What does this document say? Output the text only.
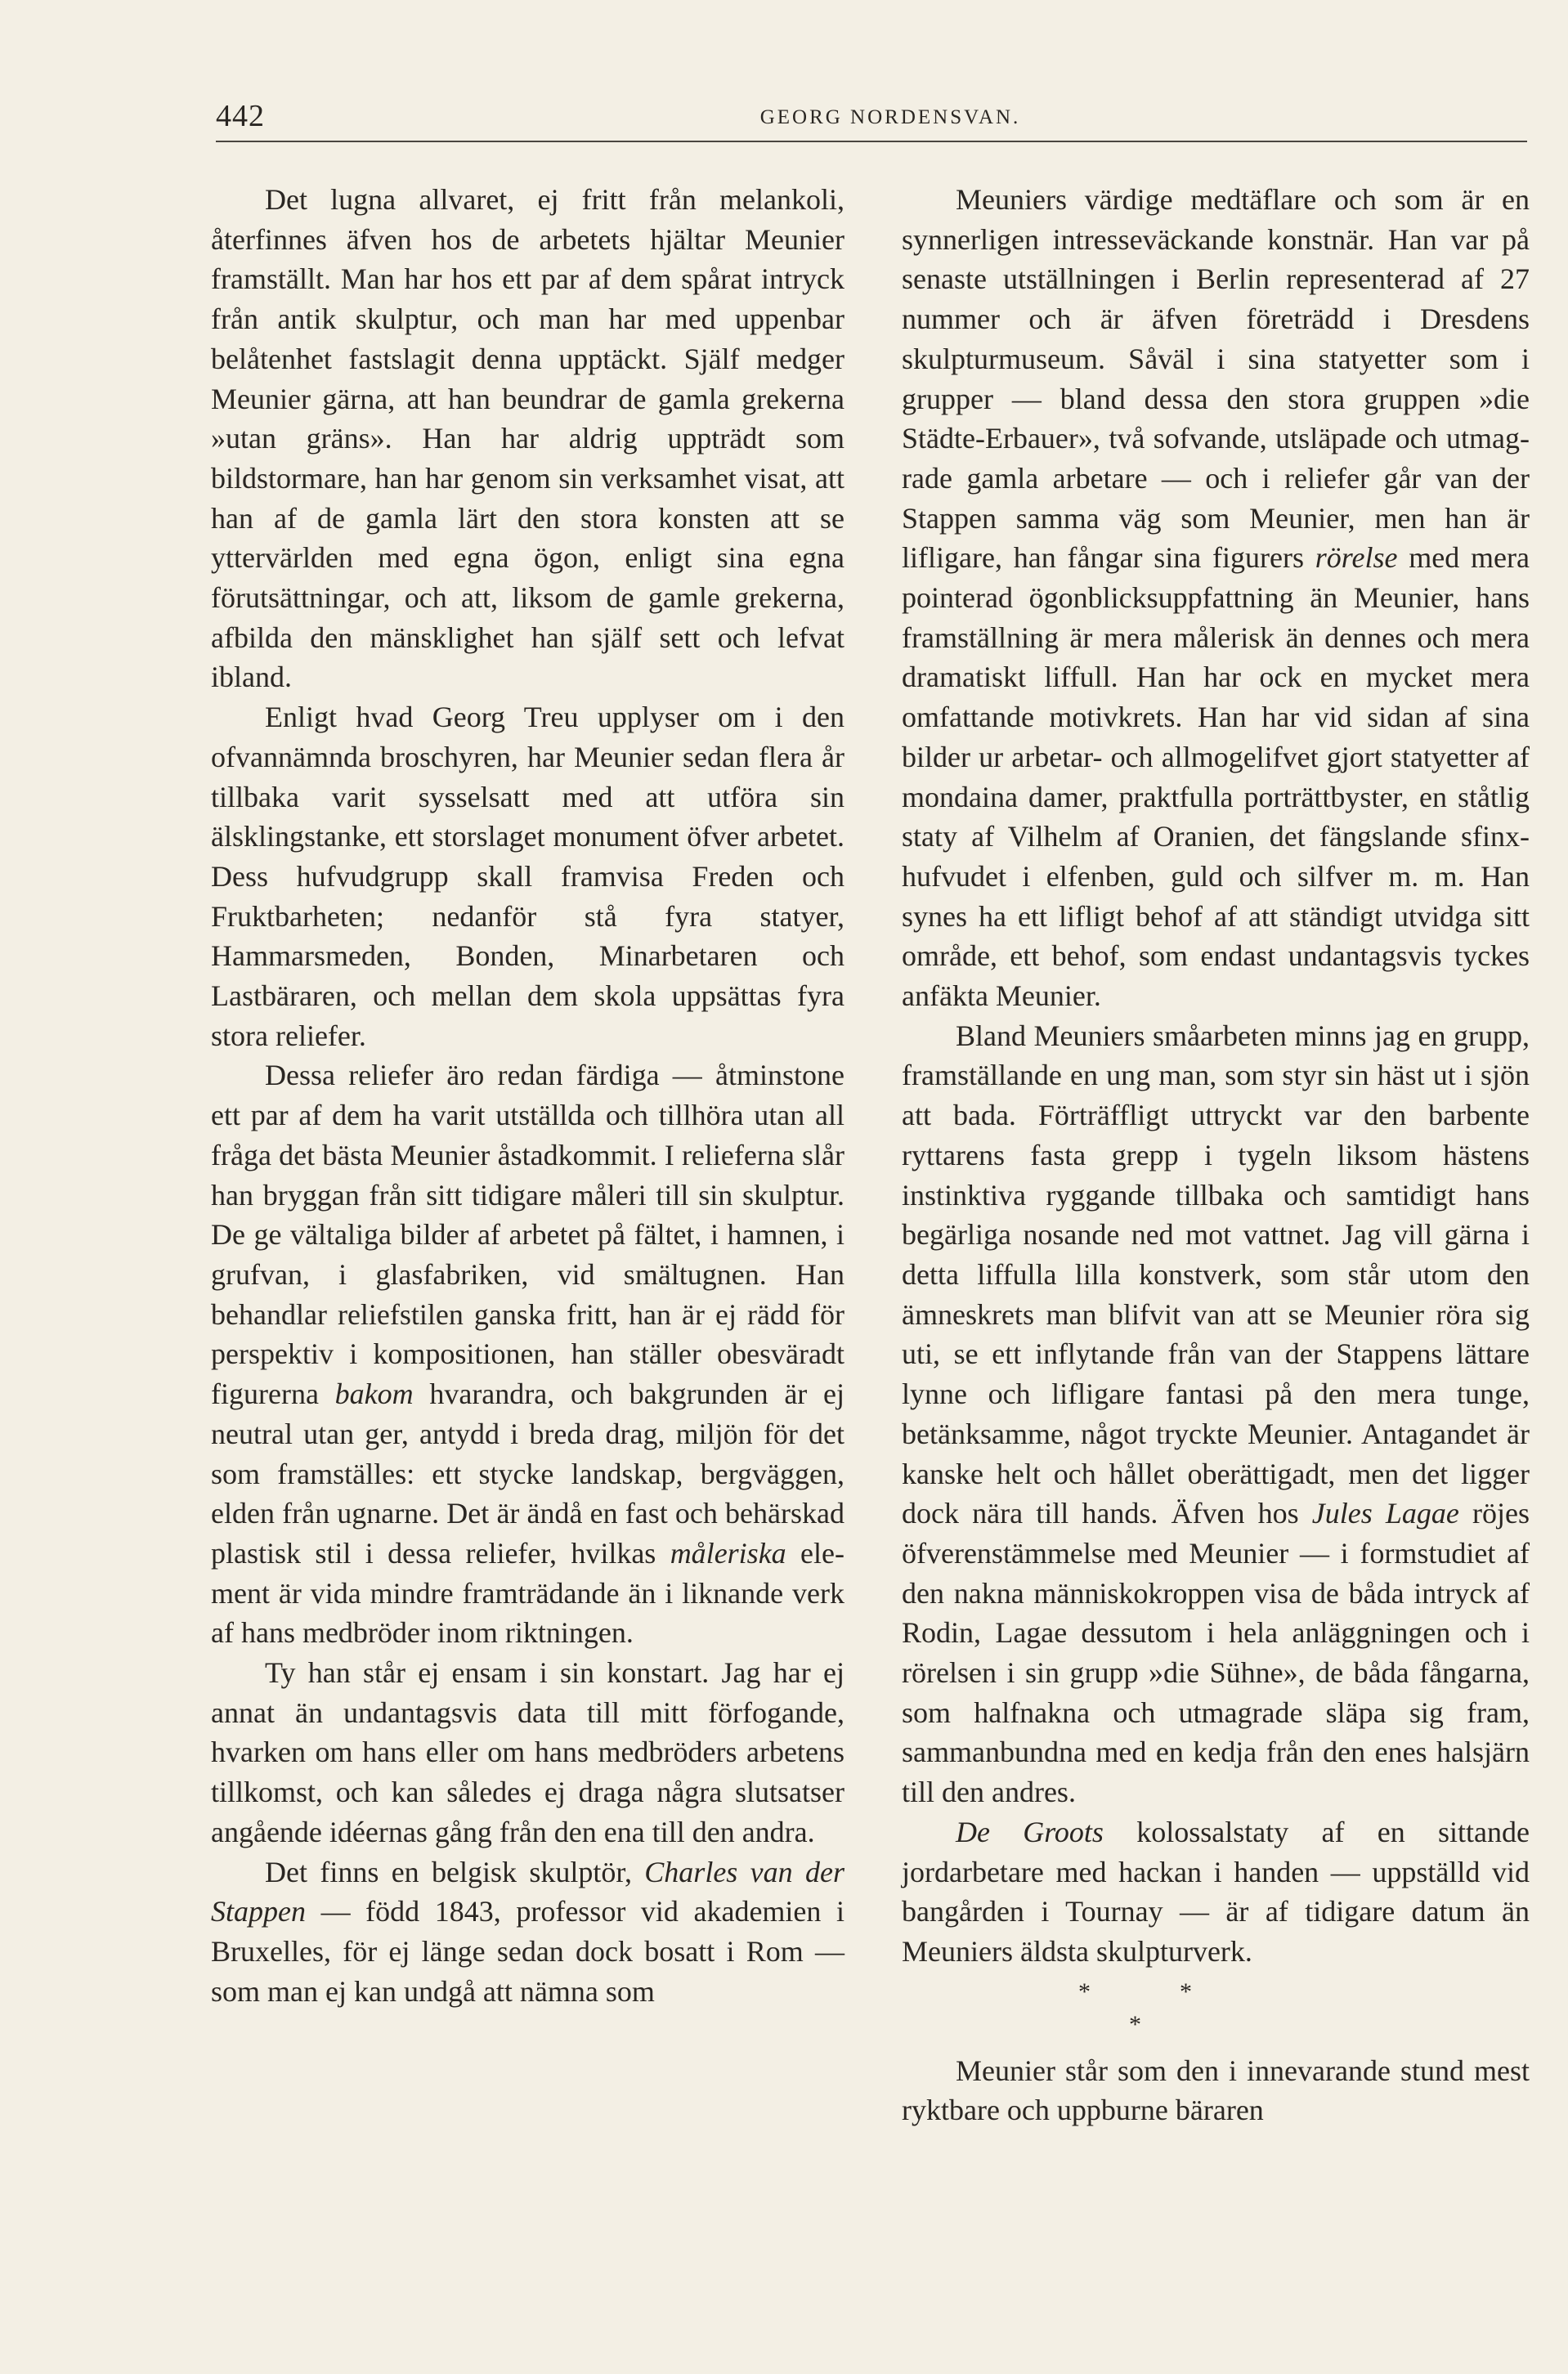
442	GEORG NORDENSVAN.

Det lugna allvaret, ej fritt från melankoli, återfinnes äfven hos de arbetets hjältar Meunier framställt. Man har hos ett par af dem spårat intryck från antik skulptur, och man har med uppenbar belåtenhet fastslagit denna upptäckt. Själf medger Meunier gärna, att han beundrar de gamla grekerna »utan gräns». Han har aldrig uppträdt som bildstormare, han har genom sin verksamhet visat, att han af de gamla lärt den stora konsten att se yttervärlden med egna ögon, enligt sina egna förutsättningar, och att, liksom de gamle grekerna, afbilda den mänsklighet han själf sett och lefvat ibland.

Enligt hvad Georg Treu upplyser om i den ofvannämnda broschyren, har Meunier sedan flera år tillbaka varit sysselsatt med att utföra sin älsklingstanke, ett storslaget monument öfver arbetet. Dess hufvudgrupp skall framvisa Freden och Fruktbarheten; nedanför stå fyra statyer, Hammarsmeden, Bonden, Minarbetaren och Lastbäraren, och mellan dem skola uppsättas fyra stora reliefer.

Dessa reliefer äro redan färdiga — åtminstone ett par af dem ha varit utställda och tillhöra utan all fråga det bästa Meunier åstadkommit. I relieferna slår han bryggan från sitt tidigare måleri till sin skulptur. De ge vältaliga bilder af arbetet på fältet, i hamnen, i grufvan, i glasfabriken, vid smältugnen. Han behandlar reliefstilen ganska fritt, han är ej rädd för perspektiv i kompositionen, han ställer obesväradt figurerna bakom hvarandra, och bakgrunden är ej neutral utan ger, antydd i breda drag, miljön för det som framställes: ett stycke landskap, bergväggen, elden från ugnarne. Det är ändå en fast och behärskad plastisk stil i dessa reliefer, hvilkas måleriska element är vida mindre framträdande än i liknande verk af hans medbröder inom riktningen.

Ty han står ej ensam i sin konstart. Jag har ej annat än undantagsvis data till mitt förfogande, hvarken om hans eller om hans medbröders arbetens tillkomst, och kan således ej draga några slutsatser angående idéernas gång från den ena till den andra.

Det finns en belgisk skulptör, Charles van der Stappen — född 1843, professor vid akademien i Bruxelles, för ej länge sedan dock bosatt i Rom — som man ej kan undgå att nämna som

Meuniers värdige medtäflare och som är en synnerligen intresseväckande konstnär. Han var på senaste utställningen i Berlin representerad af 27 nummer och är äfven företrädd i Dresdens skulpturmuseum. Såväl i sina statyetter som i grupper — bland dessa den stora gruppen »die Städte-Erbauer», två sofvande, utsläpade och utmagrade gamla arbetare — och i reliefer går van der Stappen samma väg som Meunier, men han är lifligare, han fångar sina figurers rörelse med mera pointerad ögonblicksuppfattning än Meunier, hans framställning är mera målerisk än dennes och mera dramatiskt liffull. Han har ock en mycket mera omfattande motivkrets. Han har vid sidan af sina bilder ur arbetar- och allmogelifvet gjort statyetter af mondaina damer, praktfulla porträttbyster, en ståtlig staty af Vilhelm af Oranien, det fängslande sfinxhufvudet i elfenben, guld och silfver m. m. Han synes ha ett lifligt behof af att ständigt utvidga sitt område, ett behof, som endast undantagsvis tyckes anfäkta Meunier.

Bland Meuniers småarbeten minns jag en grupp, framställande en ung man, som styr sin häst ut i sjön att bada. Förträffligt uttryckt var den barbente ryttarens fasta grepp i tygeln liksom hästens instinktiva ryggande tillbaka och samtidigt hans begärliga nosande ned mot vattnet. Jag vill gärna i detta liffulla lilla konstverk, som står utom den ämneskrets man blifvit van att se Meunier röra sig uti, se ett inflytande från van der Stappens lättare lynne och lifligare fantasi på den mera tunge, betänksamme, något tryckte Meunier. Antagandet är kanske helt och hållet oberättigadt, men det ligger dock nära till hands. Äfven hos Jules Lagae röjes öfverenstämmelse med Meunier — i formstudiet af den nakna människokroppen visa de båda intryck af Rodin, Lagae dessutom i hela anläggningen och i rörelsen i sin grupp »die Sühne», de båda fångarna, som halfnakna och utmagrade släpa sig fram, sammanbundna med en kedja från den enes halsjärn till den andres.

De Groots kolossalstaty af en sittande jordarbetare med hackan i handen — uppställd vid bangården i Tournay — är af tidigare datum än Meuniers äldsta skulpturverk.

*	*
*

Meunier står som den i innevarande stund mest ryktbare och uppburne bäraren
